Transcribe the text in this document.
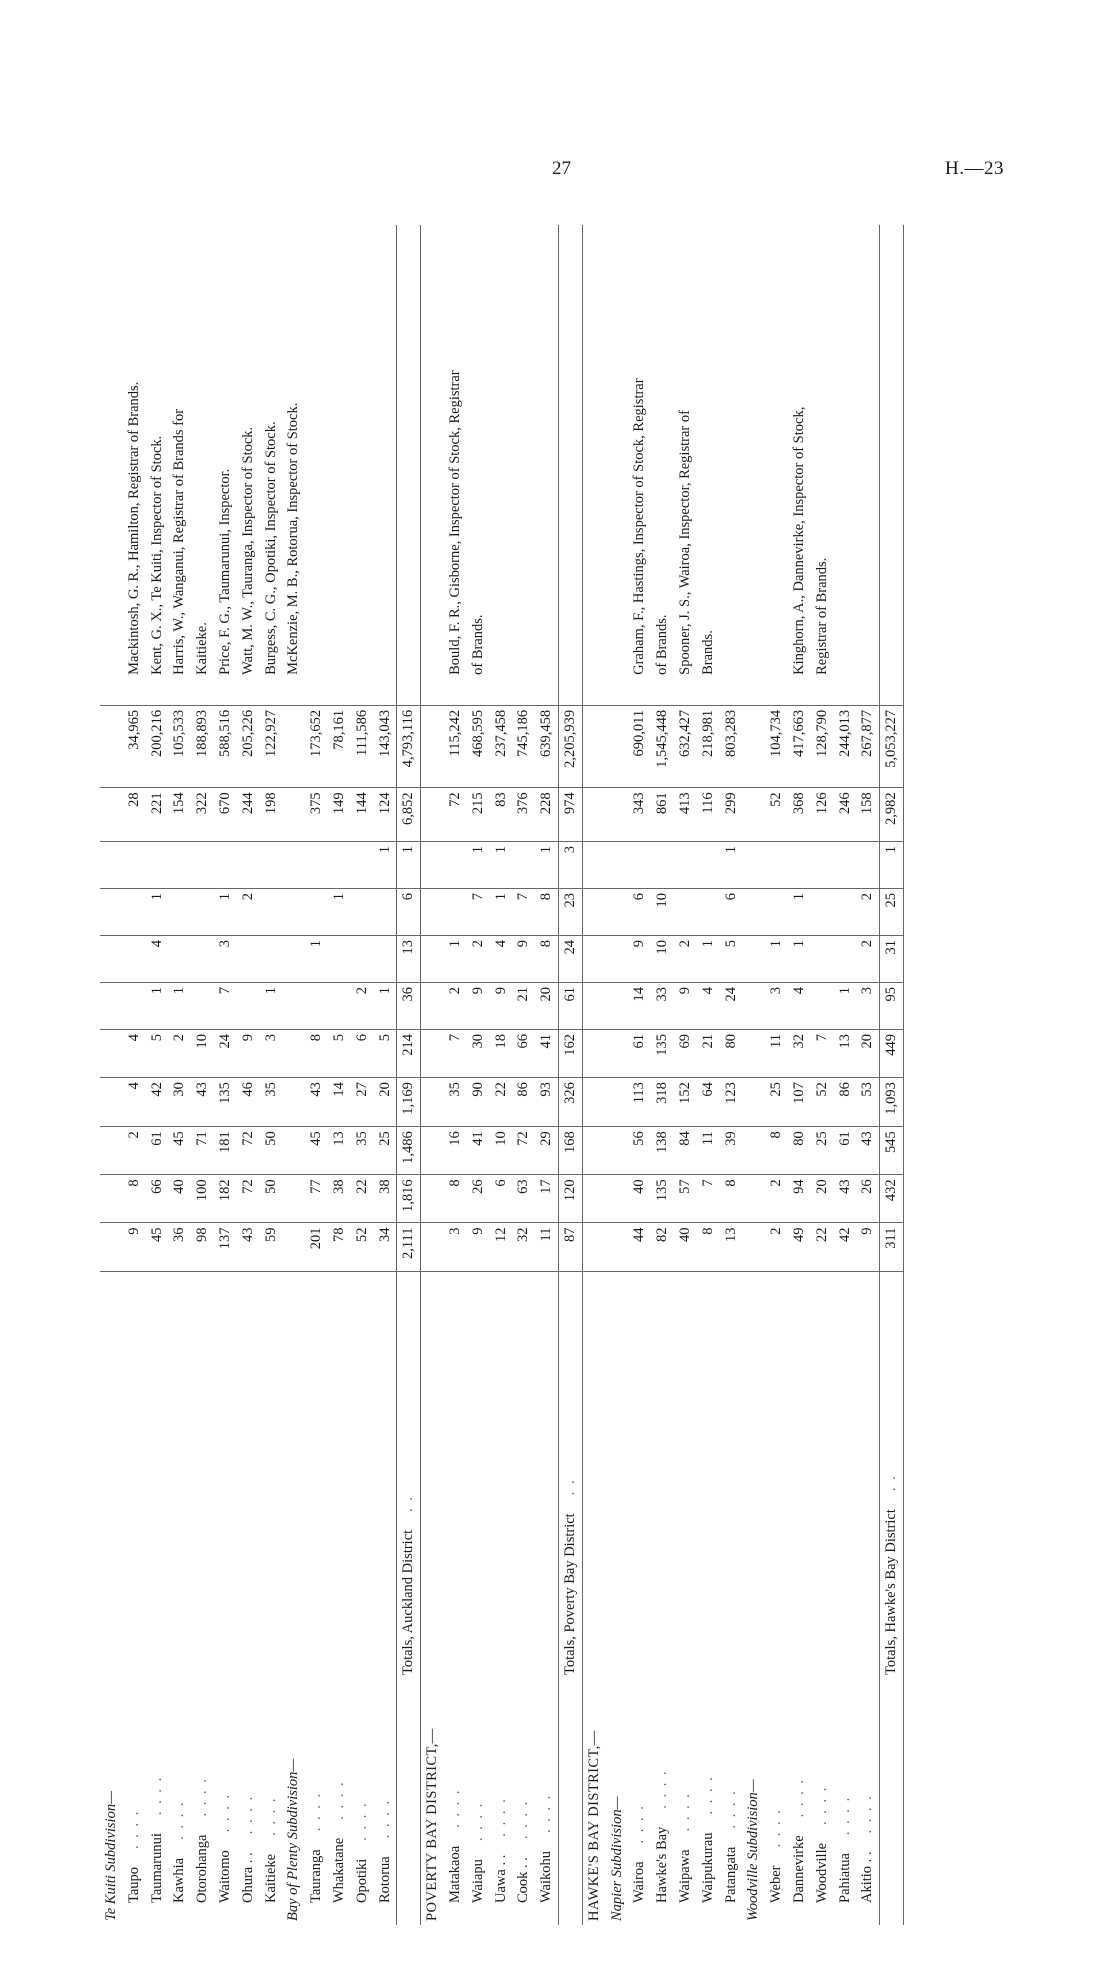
27	H.—23
Te Kuiti Subdivision—												
Taupo. . . .	9	8	2	4	4					28	34,965	Mackintosh, G. R., Hamilton, Registrar of Brands.
Taumarunui. . . .	45	66	61	42	5	1	4	1		221	200,216	Kent, G. X., Te Kuiti, Inspector of Stock.
Kawhia. . . .	36	40	45	30	2	1				154	105,533	Harris, W., Wanganui, Registrar of Brands for
Otorohanga. . . .	98	100	71	43	10					322	188,893	Kaitieke.
Waitomo. . . .	137	182	181	135	24	7	3	1		670	588,516	Price, F. G., Taumarunui, Inspector.
Ohura . .. . . .	43	72	72	46	9			2		244	205,226	Watt, M. W., Tauranga, Inspector of Stock.
Kaitieke. . . .	59	50	50	35	3	1				198	122,927	Burgess, C. G., Opotiki, Inspector of Stock.
Bay of Plenty Subdivision—												McKenzie, M. B., Rotorua, Inspector of Stock.
Tauranga. . . .	201	77	45	43	8		1			375	173,652	
Whakatane. . . .	78	38	13	14	5			1		149	78,161	
Opotiki. . . .	52	22	35	27	6	2				144	111,586	
Rotorua. . . .	34	38	25	20	5	1			1	124	143,043	
Totals, Auckland District. .	2,111	1,816	1,486	1,169	214	36	13	6	1	6,852	4,793,116	
POVERTY BAY DISTRICT,—												
Matakaoa. . . .	3	8	16	35	7	2	1			72	115,242	Bould, F. R., Gisborne, Inspector of Stock, Registrar
Waiapu. . . .	9	26	41	90	30	9	2	7	1	215	468,595	of Brands.
Uawa . .. . . .	12	6	10	22	18	9	4	1	1	83	237,458	
Cook . .. . . .	32	63	72	86	66	21	9	7		376	745,186	
Waikohu. . . .	11	17	29	93	41	20	8	8	1	228	639,458	
Totals, Poverty Bay District. .	87	120	168	326	162	61	24	23	3	974	2,205,939	
HAWKE'S BAY DISTRICT,—												
Napier Subdivision—												
Wairoa. . . .	44	40	56	113	61	14	9	6		343	690,011	Graham, F., Hastings, Inspector of Stock, Registrar
Hawke's Bay. . . .	82	135	138	318	135	33	10	10		861	1,545,448	of Brands.
Waipawa. . . .	40	57	84	152	69	9	2			413	632,427	Spooner, J. S., Wairoa, Inspector, Registrar of
Waipukurau. . . .	8	7	11	64	21	4	1			116	218,981	Brands.
Patangata. . . .	13	8	39	123	80	24	5	6	1	299	803,283	
Woodville Subdivision—												
Weber. . . .	2	2	8	25	11	3	1			52	104,734	
Dannevirke. . . .	49	94	80	107	32	4	1	1		368	417,663	Kinghorn, A., Dannevirke, Inspector of Stock,
Woodville. . . .	22	20	25	52	7					126	128,790	Registrar of Brands.
Pahiatua. . . .	42	43	61	86	13	1				246	244,013	
Akitio . .. . . .	9	26	43	53	20	3	2	2		158	267,877	
Totals, Hawke's Bay District. .	311	432	545	1,093	449	95	31	25	1	2,982	5,053,227	
